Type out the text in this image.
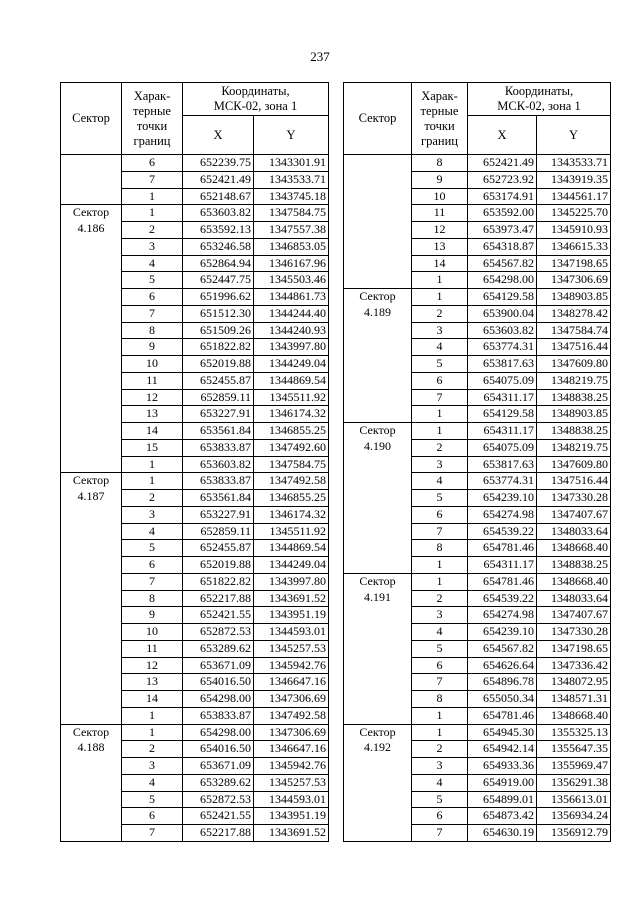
237
Сектор	Харак-
терные
точки
границ	Координаты,
МСК-02, зона 1	
		X	Y

	6	652239.75	1343301.91
	7	652421.49	1343533.71
	1	652148.67	1343745.18
Сектор
4.186	1	653603.82	1347584.75
	2	653592.13	1347557.38
	3	653246.58	1346853.05
	4	652864.94	1346167.96
	5	652447.75	1345503.46
	6	651996.62	1344861.73
	7	651512.30	1344244.40
	8	651509.26	1344240.93
	9	651822.82	1343997.80
	10	652019.88	1344249.04
	11	652455.87	1344869.54
	12	652859.11	1345511.92
	13	653227.91	1346174.32
	14	653561.84	1346855.25
	15	653833.87	1347492.60
	1	653603.82	1347584.75
Сектор
4.187	1	653833.87	1347492.58
	2	653561.84	1346855.25
	3	653227.91	1346174.32
	4	652859.11	1345511.92
	5	652455.87	1344869.54
	6	652019.88	1344249.04
	7	651822.82	1343997.80
	8	652217.88	1343691.52
	9	652421.55	1343951.19
	10	652872.53	1344593.01
	11	653289.62	1345257.53
	12	653671.09	1345942.76
	13	654016.50	1346647.16
	14	654298.00	1347306.69
	1	653833.87	1347492.58
Сектор
4.188	1	654298.00	1347306.69
	2	654016.50	1346647.16
	3	653671.09	1345942.76
	4	653289.62	1345257.53
	5	652872.53	1344593.01
	6	652421.55	1343951.19
	7	652217.88	1343691.52
Сектор	Харак-
терные
точки
границ	Координаты,
МСК-02, зона 1	
		X	Y

	8	652421.49	1343533.71
	9	652723.92	1343919.35
	10	653174.91	1344561.17
	11	653592.00	1345225.70
	12	653973.47	1345910.93
	13	654318.87	1346615.33
	14	654567.82	1347198.65
	1	654298.00	1347306.69
Сектор
4.189	1	654129.58	1348903.85
	2	653900.04	1348278.42
	3	653603.82	1347584.74
	4	653774.31	1347516.44
	5	653817.63	1347609.80
	6	654075.09	1348219.75
	7	654311.17	1348838.25
	1	654129.58	1348903.85
Сектор
4.190	1	654311.17	1348838.25
	2	654075.09	1348219.75
	3	653817.63	1347609.80
	4	653774.31	1347516.44
	5	654239.10	1347330.28
	6	654274.98	1347407.67
	7	654539.22	1348033.64
	8	654781.46	1348668.40
	1	654311.17	1348838.25
Сектор
4.191	1	654781.46	1348668.40
	2	654539.22	1348033.64
	3	654274.98	1347407.67
	4	654239.10	1347330.28
	5	654567.82	1347198.65
	6	654626.64	1347336.42
	7	654896.78	1348072.95
	8	655050.34	1348571.31
	1	654781.46	1348668.40
Сектор
4.192	1	654945.30	1355325.13
	2	654942.14	1355647.35
	3	654933.36	1355969.47
	4	654919.00	1356291.38
	5	654899.01	1356613.01
	6	654873.42	1356934.24
	7	654630.19	1356912.79
